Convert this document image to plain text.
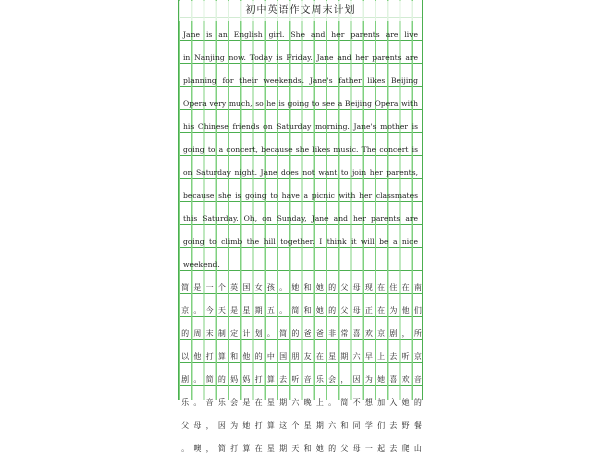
初中英语作文周末计划
Jane is an English girl. She and her parents are live
in Nanjing now. Today is Friday. Jane and her parents are
planning for their weekends. Jane's father likes Beijing
Opera very much, so he is going to see a Beijing Opera with
his Chinese friends on Saturday morning. Jane's mother is
going to a concert, because she likes music. The concert is
on Saturday night. Jane does not want to join her parents,
because she is going to have a picnic with her classmates
this Saturday. Oh, on Sunday, Jane and her parents are
going to climb the hill together. I think it will be a nice
weekend.
简 是 一 个 英 国 女 孩 。 她 和 她 的 父 母 现 在 住 在 南
京 。 今 天 是 星 期 五 。 简 和 她 的 父 母 正 在 为 他 们
的 周 末 制 定 计 划 。 简 的 爸 爸 非 常 喜 欢 京 剧 ， 所
以 他 打 算 和 他 的 中 国 朋 友 在 星 期 六 早 上 去 听 京
剧 。 简 的 妈 妈 打 算 去 听 音 乐 会 ， 因 为 她 喜 欢 音
乐 。 音 乐 会 是 在 星 期 六 晚 上 。 简 不 想 加 入 她 的
父 母 ， 因 为 她 打 算 这 个 星 期 六 和 同 学 们 去 野 餐
。 噢 ， 简 打 算 在 星 期 天 和 她 的 父 母 一 起 去 爬 山
